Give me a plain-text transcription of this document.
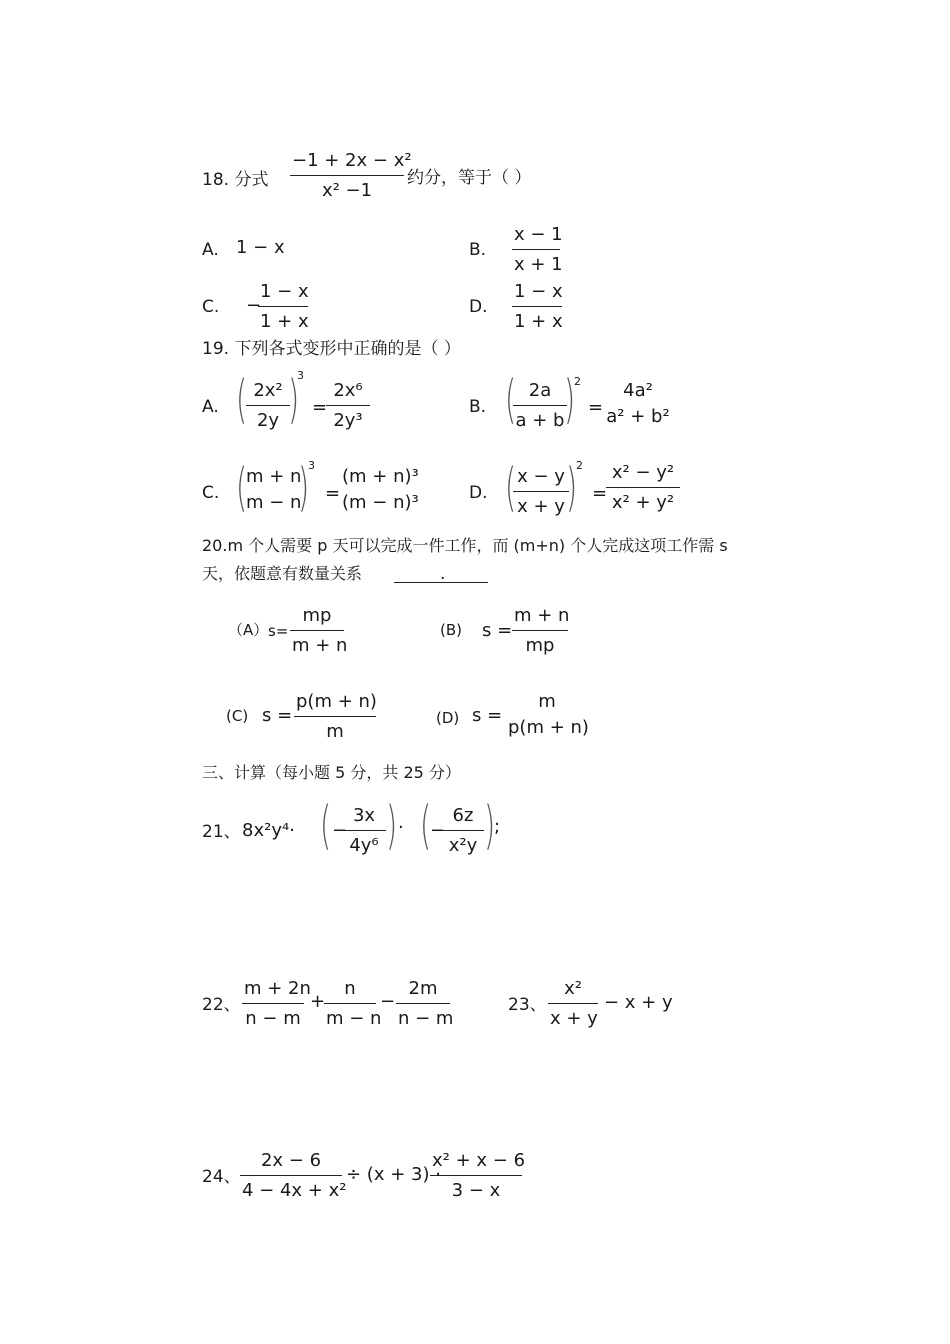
18. 分式
−1 + 2x − x²
x² −1
约分，等于（ ）
A. 1 − x	B.
x − 1
x + 1
C. −
1 − x
1 + x
D.
1 − x
1 + x
19. 下列各式变形中正确的是（ ）
A. ( 2x²
2y )
3
=
2x⁶
2y³
B. ( 2a
a + b )
2
=
4a²
a² + b²
C. (
m + n
m − n
)
3
=
(m + n)³
(m − n)³	D. ( x − y
x + y )
2
=
x² − y²
x² + y²
20.m 个人需要 p 天可以完成一件工作，而 (m+n) 个人完成这项工作需 s
天，依题意有数量关系	.
（A） s=
mp
m + n
(B) s =
m + n
mp
(C) s =
p(m + n)
m
(D) s =
m
p(m + n)
三、计算（每小题 5 分，共 25 分）
21、 8x²y⁴· ( −
3x
4y⁶ ) · (
−
6z
x²y )
;
22、
m + 2n
n − m
+
n
m − n
−
2m
n − m
23、
x²
x + y
− x + y
24、
2x − 6
4 − 4x + x²
÷ (x + 3) ·
x² + x − 6
3 − x
